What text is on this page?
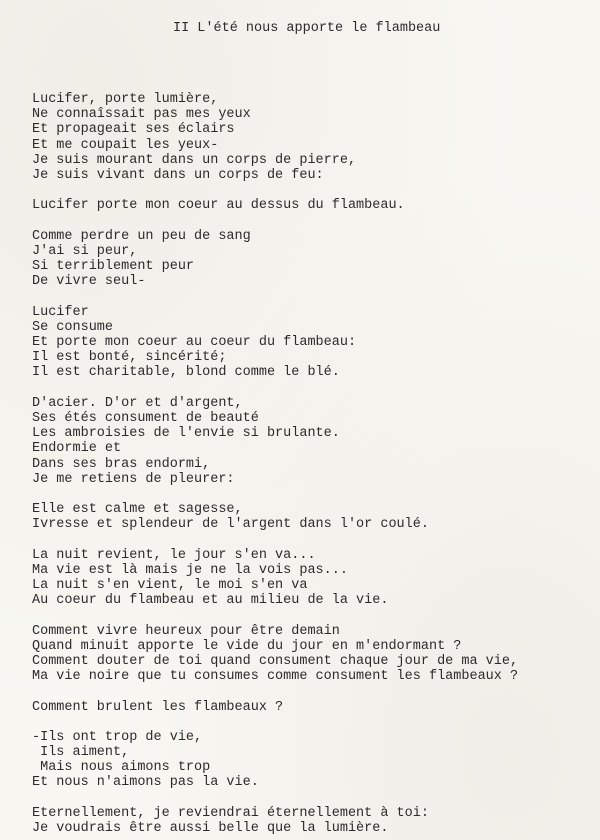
II L'été nous apporte le flambeau
Lucifer, porte lumière,
Ne connaîssait pas mes yeux
Et propageait ses éclairs
Et me coupait les yeux-
Je suis mourant dans un corps de pierre,
Je suis vivant dans un corps de feu:
Lucifer porte mon coeur au dessus du flambeau.
Comme perdre un peu de sang
J'ai si peur,
Si terriblement peur
De vivre seul-
Lucifer
Se consume
Et porte mon coeur au coeur du flambeau:
Il est bonté, sincérité;
Il est charitable, blond comme le blé.
D'acier. D'or et d'argent,
Ses étés consument de beauté
Les ambroisies de l'envie si brulante.
Endormie et
Dans ses bras endormi,
Je me retiens de pleurer:
Elle est calme et sagesse,
Ivresse et splendeur de l'argent dans l'or coulé.
La nuit revient, le jour s'en va...
Ma vie est là mais je ne la vois pas...
La nuit s'en vient, le moi s'en va
Au coeur du flambeau et au milieu de la vie.
Comment vivre heureux pour être demain
Quand minuit apporte le vide du jour en m'endormant ?
Comment douter de toi quand consument chaque jour de ma vie,
Ma vie noire que tu consumes comme consument les flambeaux ?
Comment brulent les flambeaux ?
-Ils ont trop de vie,
Ils aiment,
Mais nous aimons trop
Et nous n'aimons pas la vie.
Eternellement, je reviendrai éternellement à toi:
Je voudrais être aussi belle que la lumière.
